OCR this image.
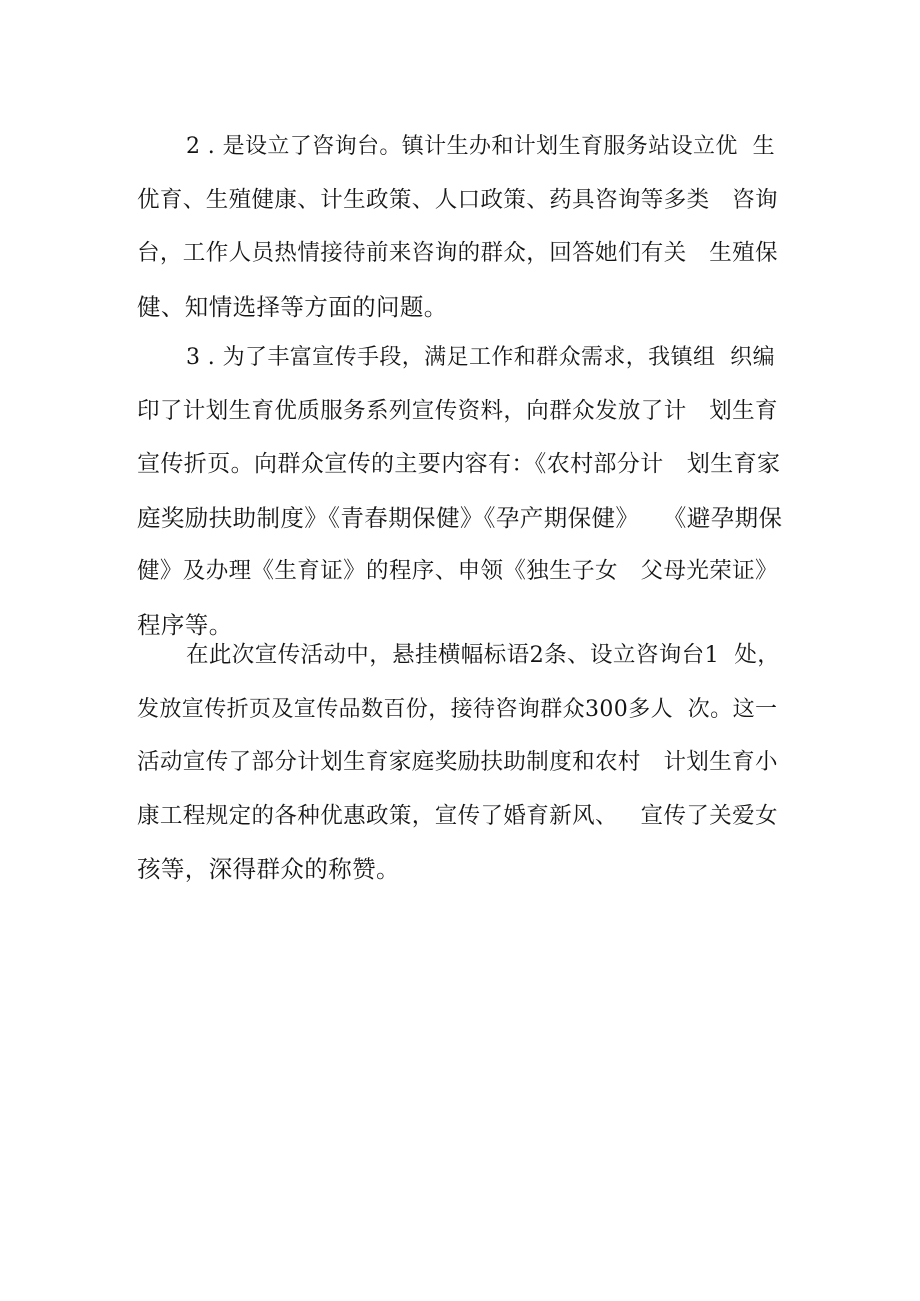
2 . 是设立了咨询台。镇计生办和计划生育服务站设立优  生
优育、生殖健康、计生政策、人口政策、药具咨询等多类   咨询
台，工作人员热情接待前来咨询的群众，回答她们有关   生殖保
健、知情选择等方面的问题。
3 . 为了丰富宣传手段，满足工作和群众需求，我镇组  织编
印了计划生育优质服务系列宣传资料，向群众发放了计   划生育
宣传折页。向群众宣传的主要内容有：《农村部分计   划生育家
庭奖励扶助制度》《青春期保健》《孕产期保健》   《避孕期保
健》及办理《生育证》的程序、申领《独生子女   父母光荣证》
程序等。
在此次宣传活动中，悬挂横幅标语2条、设立咨询台1  处，
发放宣传折页及宣传品数百份，接待咨询群众300多人  次。这一
活动宣传了部分计划生育家庭奖励扶助制度和农村   计划生育小
康工程规定的各种优惠政策，宣传了婚育新风、   宣传了关爱女
孩等，深得群众的称赞。
